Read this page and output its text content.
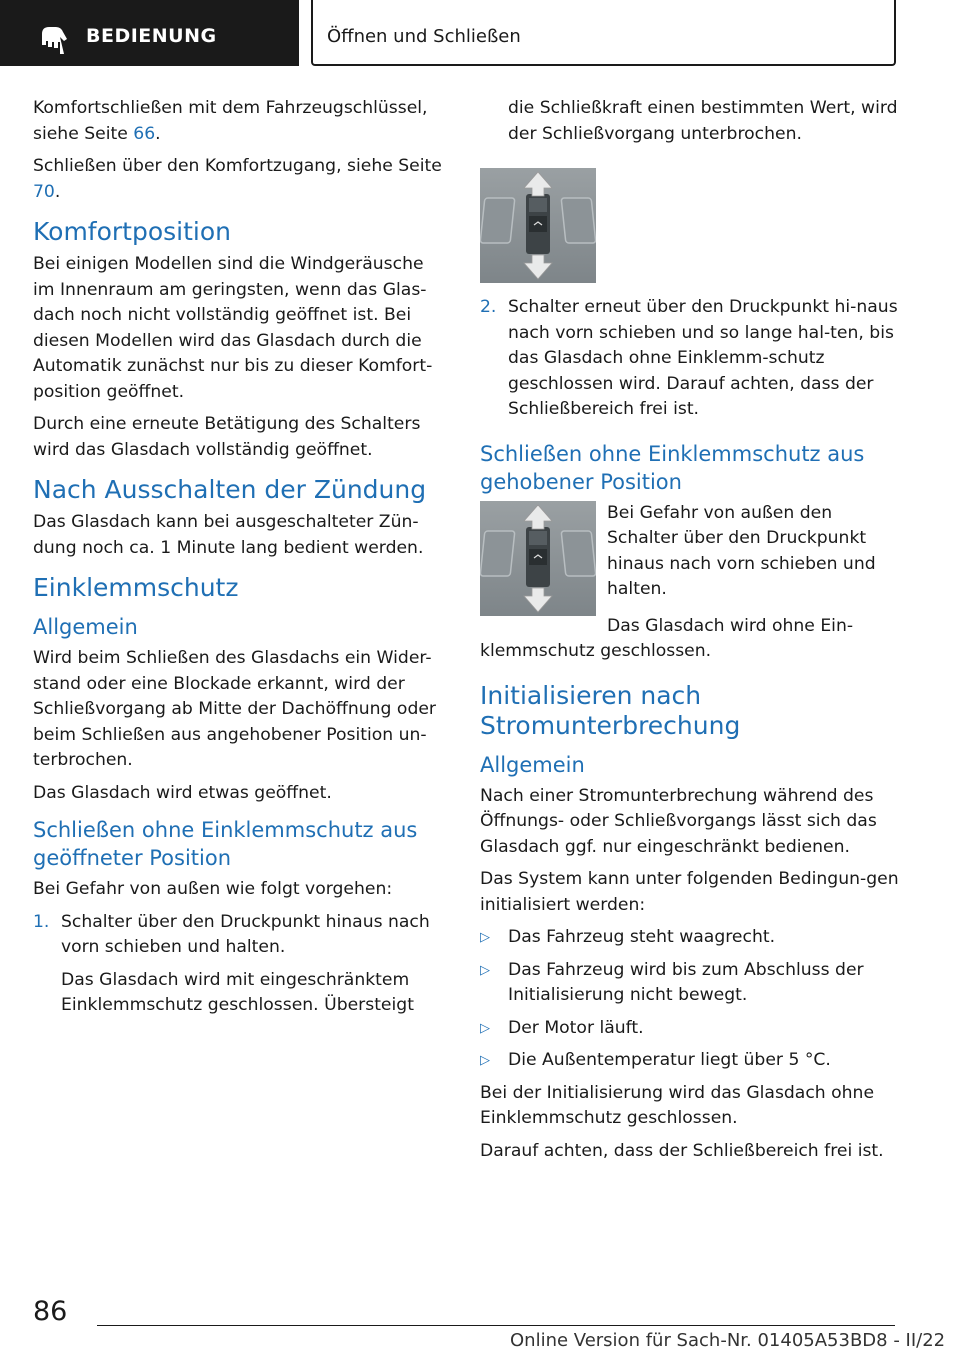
BEDIENUNG	Öffnen und Schließen

Komfortschließen mit dem Fahrzeugschlüssel, siehe Seite 66.

Schließen über den Komfortzugang, siehe Seite 70.

Komfortposition

Bei einigen Modellen sind die Windgeräusche im Innenraum am geringsten, wenn das Glas-dach noch nicht vollständig geöffnet ist. Bei diesen Modellen wird das Glasdach durch die Automatik zunächst nur bis zu dieser Komfort-position geöffnet.

Durch eine erneute Betätigung des Schalters wird das Glasdach vollständig geöffnet.

Nach Ausschalten der Zündung

Das Glasdach kann bei ausgeschalteter Zün-dung noch ca. 1 Minute lang bedient werden.

Einklemmschutz
Allgemein

Wird beim Schließen des Glasdachs ein Wider-stand oder eine Blockade erkannt, wird der Schließvorgang ab Mitte der Dachöffnung oder beim Schließen aus angehobener Position un-terbrochen.

Das Glasdach wird etwas geöffnet.

Schließen ohne Einklemmschutz aus geöffneter Position

Bei Gefahr von außen wie folgt vorgehen:

1. Schalter über den Druckpunkt hinaus nach vorn schieben und halten.

Das Glasdach wird mit eingeschränktem Einklemmschutz geschlossen. Übersteigt

die Schließkraft einen bestimmten Wert, wird der Schließvorgang unterbrochen.

2. Schalter erneut über den Druckpunkt hi-naus nach vorn schieben und so lange hal-ten, bis das Glasdach ohne Einklemm-schutz geschlossen wird. Darauf achten, dass der Schließbereich frei ist.

Schließen ohne Einklemmschutz aus gehobener Position

Bei Gefahr von außen den Schalter über den Druckpunkt hinaus nach vorn schieben und halten.

Das Glasdach wird ohne Ein-klemmschutz geschlossen.

Initialisieren nach Stromunterbrechung
Allgemein

Nach einer Stromunterbrechung während des Öffnungs- oder Schließvorgangs lässt sich das Glasdach ggf. nur eingeschränkt bedienen.

Das System kann unter folgenden Bedingun-gen initialisiert werden:

▷	Das Fahrzeug steht waagrecht.
▷	Das Fahrzeug wird bis zum Abschluss der Initialisierung nicht bewegt.
▷	Der Motor läuft.
▷	Die Außentemperatur liegt über 5 °C.

Bei der Initialisierung wird das Glasdach ohne Einklemmschutz geschlossen.

Darauf achten, dass der Schließbereich frei ist.

86
Online Version für Sach-Nr. 01405A53BD8 - II/22
